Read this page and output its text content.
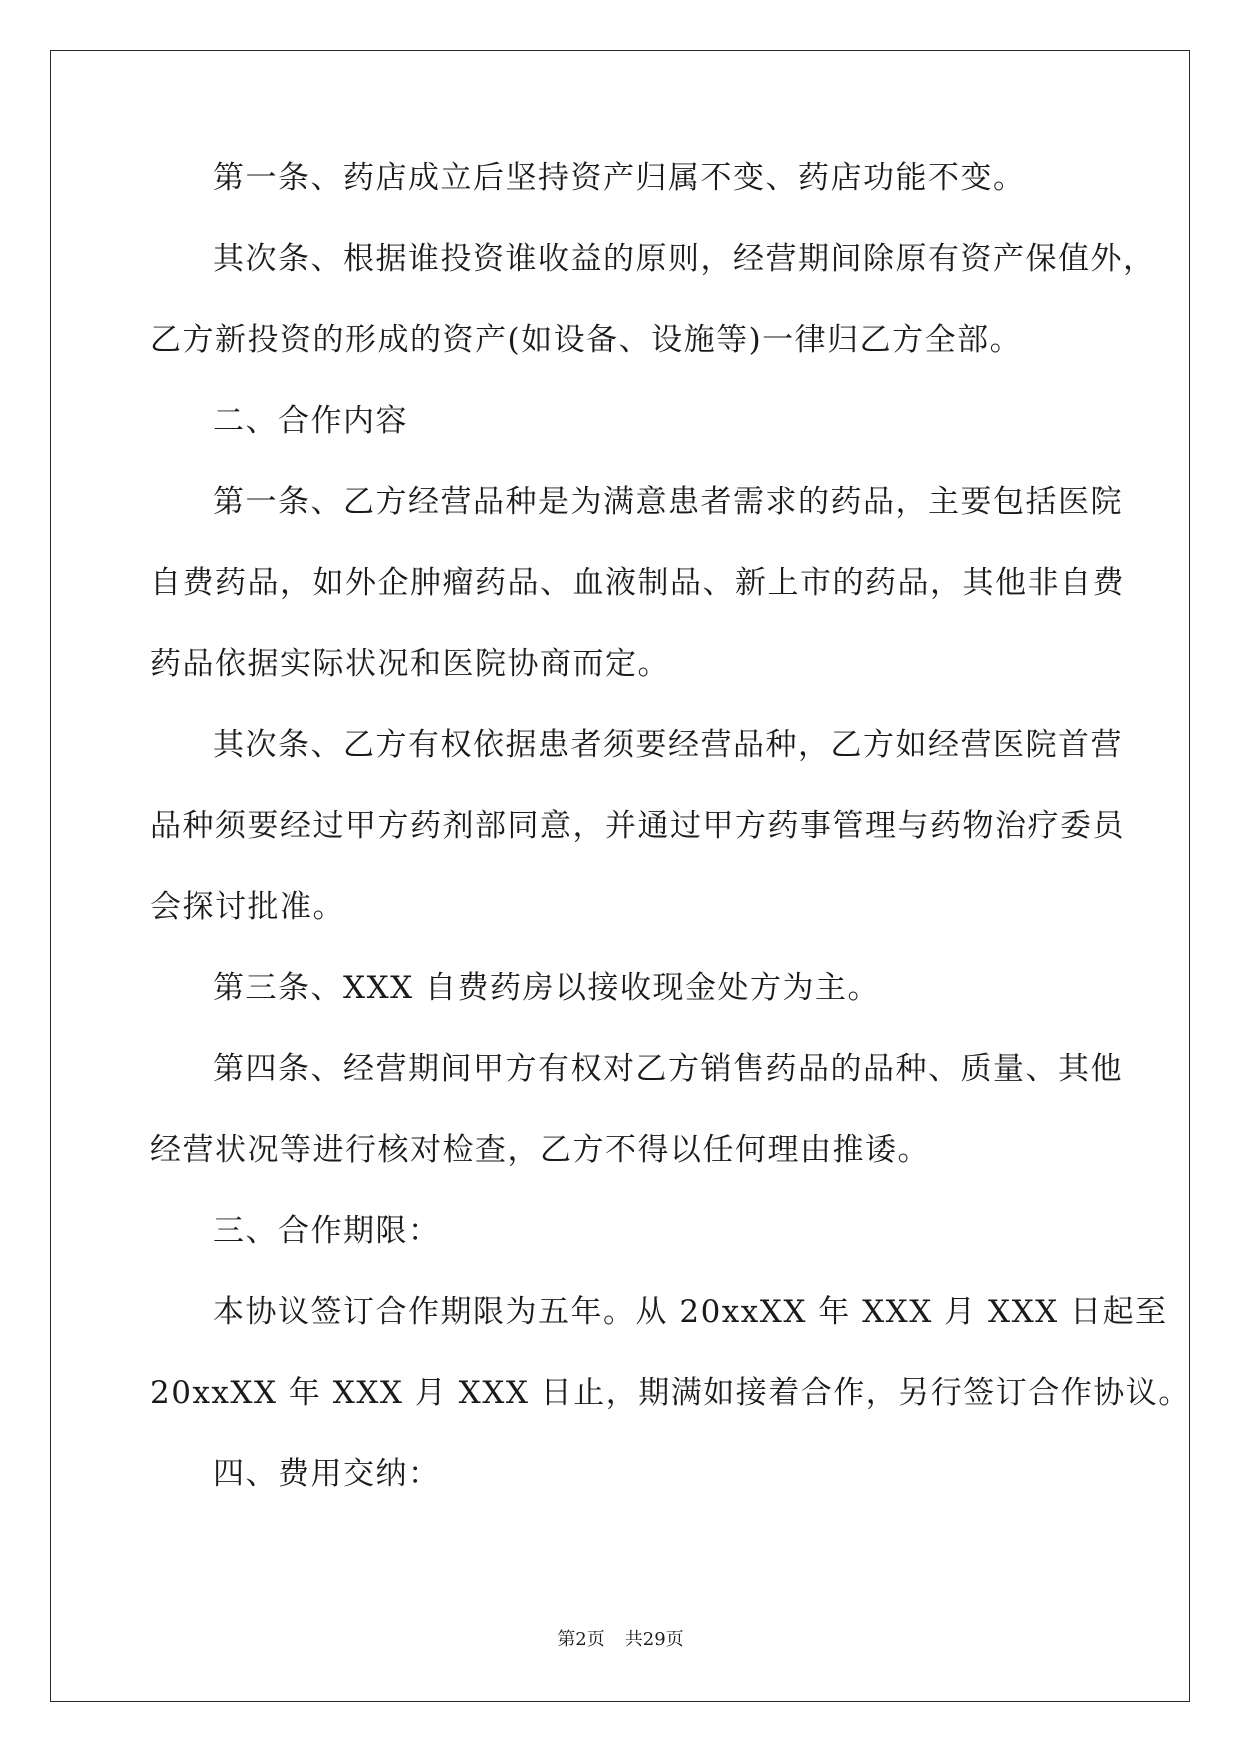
第一条、药店成立后坚持资产归属不变、药店功能不变。
其次条、根据谁投资谁收益的原则，经营期间除原有资产保值外，
乙方新投资的形成的资产(如设备、设施等)一律归乙方全部。
二、合作内容
第一条、乙方经营品种是为满意患者需求的药品，主要包括医院
自费药品，如外企肿瘤药品、血液制品、新上市的药品，其他非自费
药品依据实际状况和医院协商而定。
其次条、乙方有权依据患者须要经营品种，乙方如经营医院首营
品种须要经过甲方药剂部同意，并通过甲方药事管理与药物治疗委员
会探讨批准。
第三条、XXX 自费药房以接收现金处方为主。
第四条、经营期间甲方有权对乙方销售药品的品种、质量、其他
经营状况等进行核对检查，乙方不得以任何理由推诿。
三、合作期限：
本协议签订合作期限为五年。从 20xxXX 年 XXX 月 XXX 日起至
20xxXX 年 XXX 月 XXX 日止，期满如接着合作，另行签订合作协议。
四、费用交纳：
第2页 共29页
